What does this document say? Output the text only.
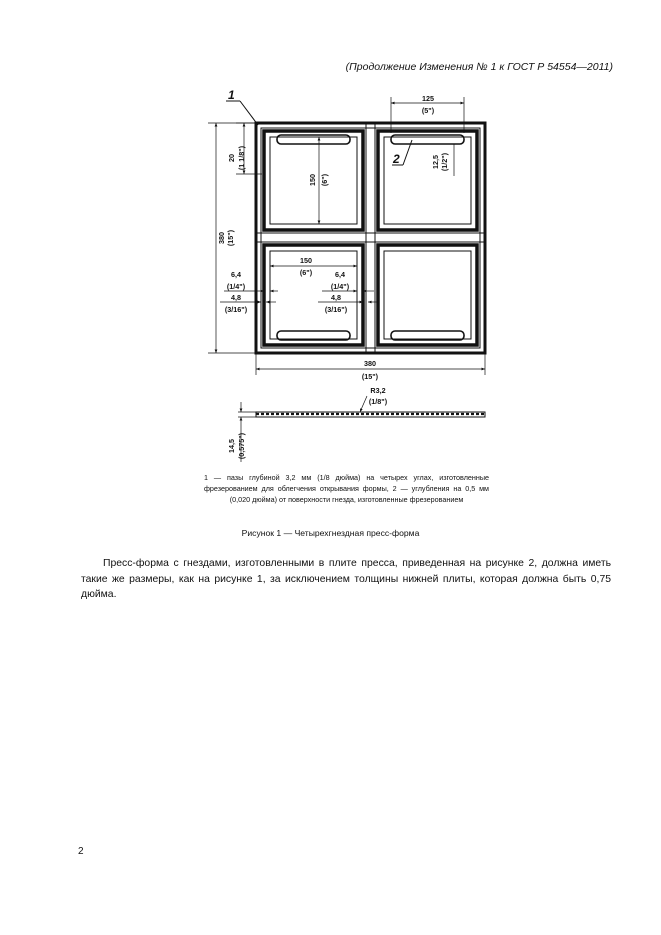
(Продолжение Изменения № 1 к ГОСТ Р 54554—2011)
1
2
125
(5")
150 (6")
20 (1 1/8")	12,5 (1/2")
380 (15")
150
(6")
6,4
(1/4")
4,8
(3/16")
6,4
(1/4")
4,8
(3/16")
380
(15")
R3,2
(1/8")
14,5 (0,575")
1 — пазы глубиной 3,2 мм (1/8 дюйма) на четырех углах, изготовленные фрезерованием для облегчения открывания формы, 2 — углубления на 0,5 мм (0,020 дюйма) от поверхности гнезда, изготовленные фрезерованием
Рисунок 1 — Четырехгнездная пресс-форма
Пресс-форма с гнездами, изготовленными в плите пресса, приведенная на рисунке 2, должна иметь такие же размеры, как на рисунке 1, за исключением толщины нижней плиты, которая должна быть 0,75 дюйма.
2
